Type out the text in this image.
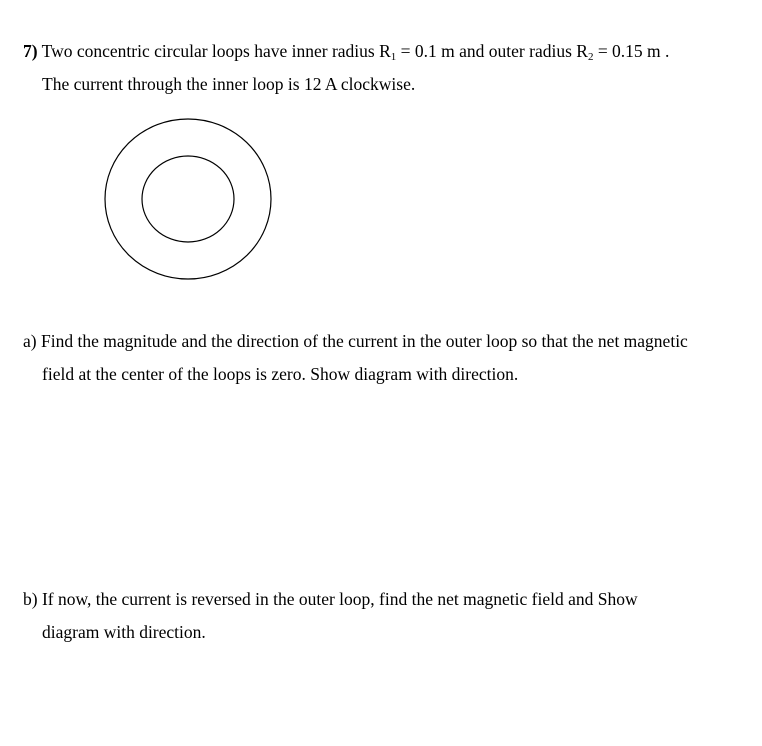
7) Two concentric circular loops have inner radius $R_1 = 0.1$ m and outer radius $R_2 = 0.15$ m .
The current through the inner loop is 12 A clockwise.
a) Find the magnitude and the direction of the current in the outer loop so that the net magnetic
field at the center of the loops is zero. Show diagram with direction.
b) If now, the current is reversed in the outer loop, find the net magnetic field and Show
diagram with direction.
